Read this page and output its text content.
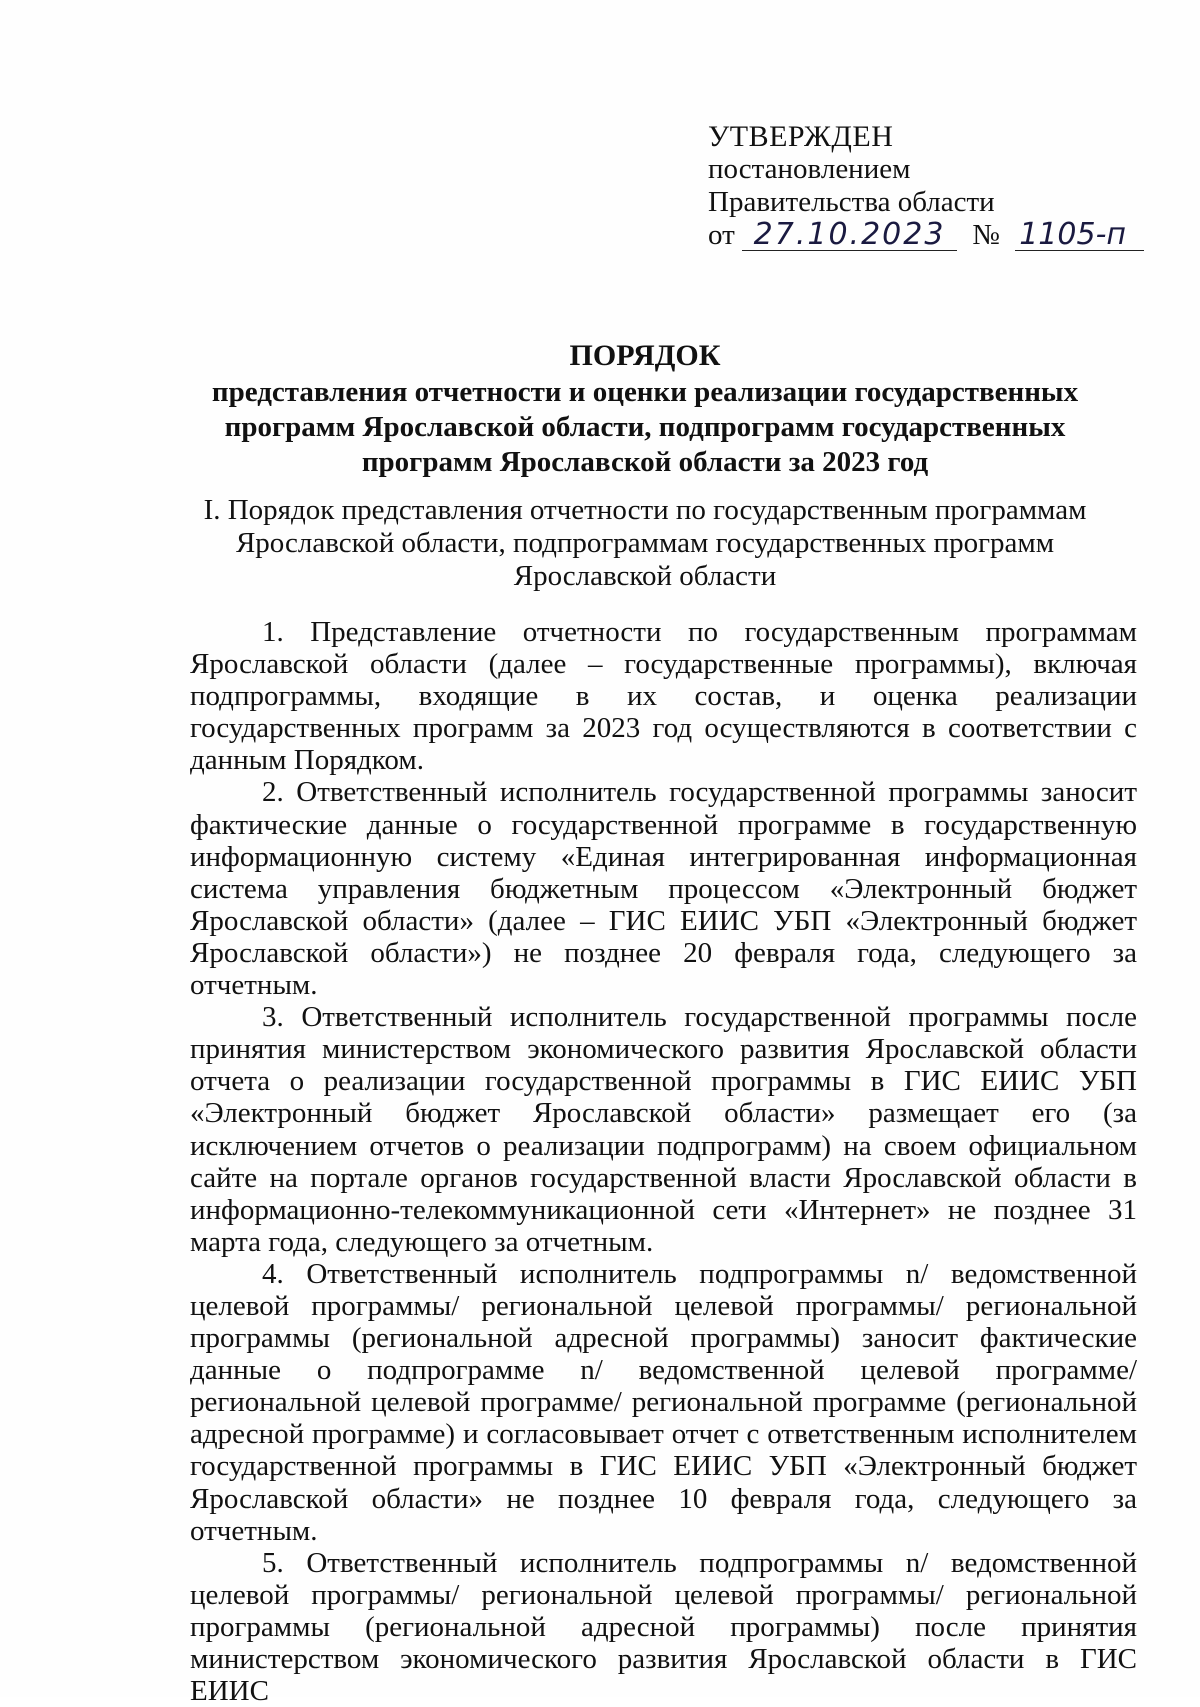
УТВЕРЖДЕН
постановлением
Правительства области
от 27.10.2023 № 1105-п
ПОРЯДОК
представления отчетности и оценки реализации государственных
программ Ярославской области, подпрограмм государственных
программ Ярославской области за 2023 год
I. Порядок представления отчетности по государственным программам
Ярославской области, подпрограммам государственных программ
Ярославской области

1. Представление отчетности по государственным программам Ярославской области (далее – государственные программы), включая подпрограммы, входящие в их состав, и оценка реализации государственных программ за 2023 год осуществляются в соответствии с данным Порядком.

2. Ответственный исполнитель государственной программы заносит фактические данные о государственной программе в государственную информационную систему «Единая интегрированная информационная система управления бюджетным процессом «Электронный бюджет Ярославской области» (далее – ГИС ЕИИС УБП «Электронный бюджет Ярославской области») не позднее 20 февраля года, следующего за отчетным.

3. Ответственный исполнитель государственной программы после принятия министерством экономического развития Ярославской области отчета о реализации государственной программы в ГИС ЕИИС УБП «Электронный бюджет Ярославской области» размещает его (за исключением отчетов о реализации подпрограмм) на своем официальном сайте на портале органов государственной власти Ярославской области в информационно-телекоммуникационной сети «Интернет» не позднее 31 марта года, следующего за отчетным.

4. Ответственный исполнитель подпрограммы n/ ведомственной целевой программы/ региональной целевой программы/ региональной программы (региональной адресной программы) заносит фактические данные о подпрограмме n/ ведомственной целевой программе/ региональной целевой программе/ региональной программе (региональной адресной программе) и согласовывает отчет с ответственным исполнителем государственной программы в ГИС ЕИИС УБП «Электронный бюджет Ярославской области» не позднее 10 февраля года, следующего за отчетным.

5. Ответственный исполнитель подпрограммы n/ ведомственной целевой программы/ региональной целевой программы/ региональной программы (региональной адресной программы) после принятия министерством экономического развития Ярославской области в ГИС ЕИИС
